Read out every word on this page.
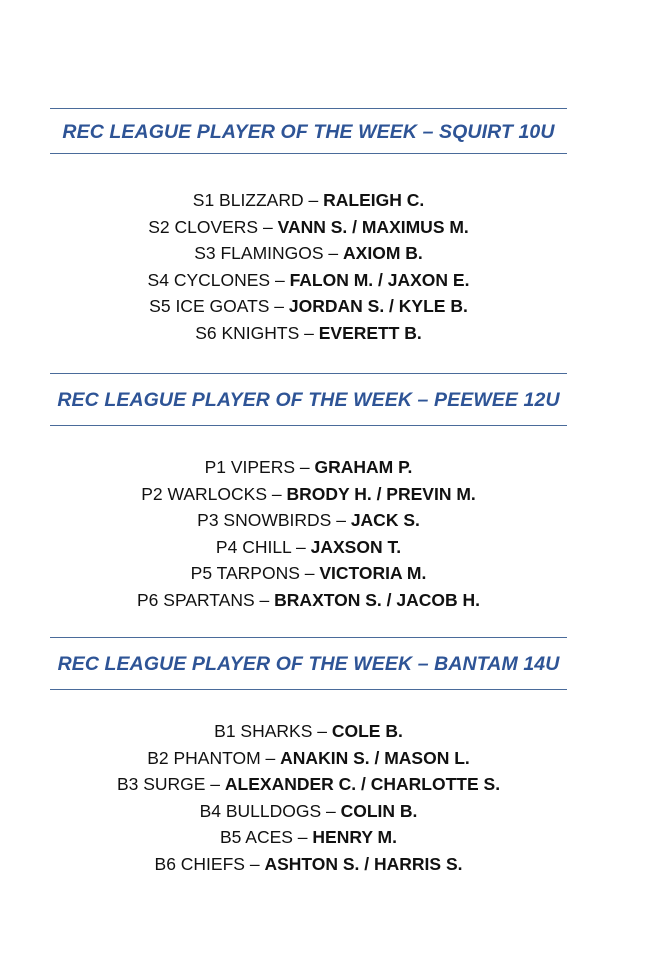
REC LEAGUE PLAYER OF THE WEEK – SQUIRT 10U
S1 BLIZZARD – RALEIGH C.
S2 CLOVERS – VANN S. / MAXIMUS M.
S3 FLAMINGOS – AXIOM B.
S4 CYCLONES – FALON M. / JAXON E.
S5 ICE GOATS – JORDAN S. / KYLE B.
S6 KNIGHTS – EVERETT B.
REC LEAGUE PLAYER OF THE WEEK – PEEWEE 12U
P1 VIPERS – GRAHAM P.
P2 WARLOCKS – BRODY H. / PREVIN M.
P3 SNOWBIRDS – JACK S.
P4 CHILL – JAXSON T.
P5 TARPONS – VICTORIA M.
P6 SPARTANS – BRAXTON S. / JACOB H.
REC LEAGUE PLAYER OF THE WEEK – BANTAM 14U
B1 SHARKS – COLE B.
B2 PHANTOM – ANAKIN S. / MASON L.
B3 SURGE – ALEXANDER C. / CHARLOTTE S.
B4 BULLDOGS – COLIN B.
B5 ACES – HENRY M.
B6 CHIEFS – ASHTON S. / HARRIS S.
